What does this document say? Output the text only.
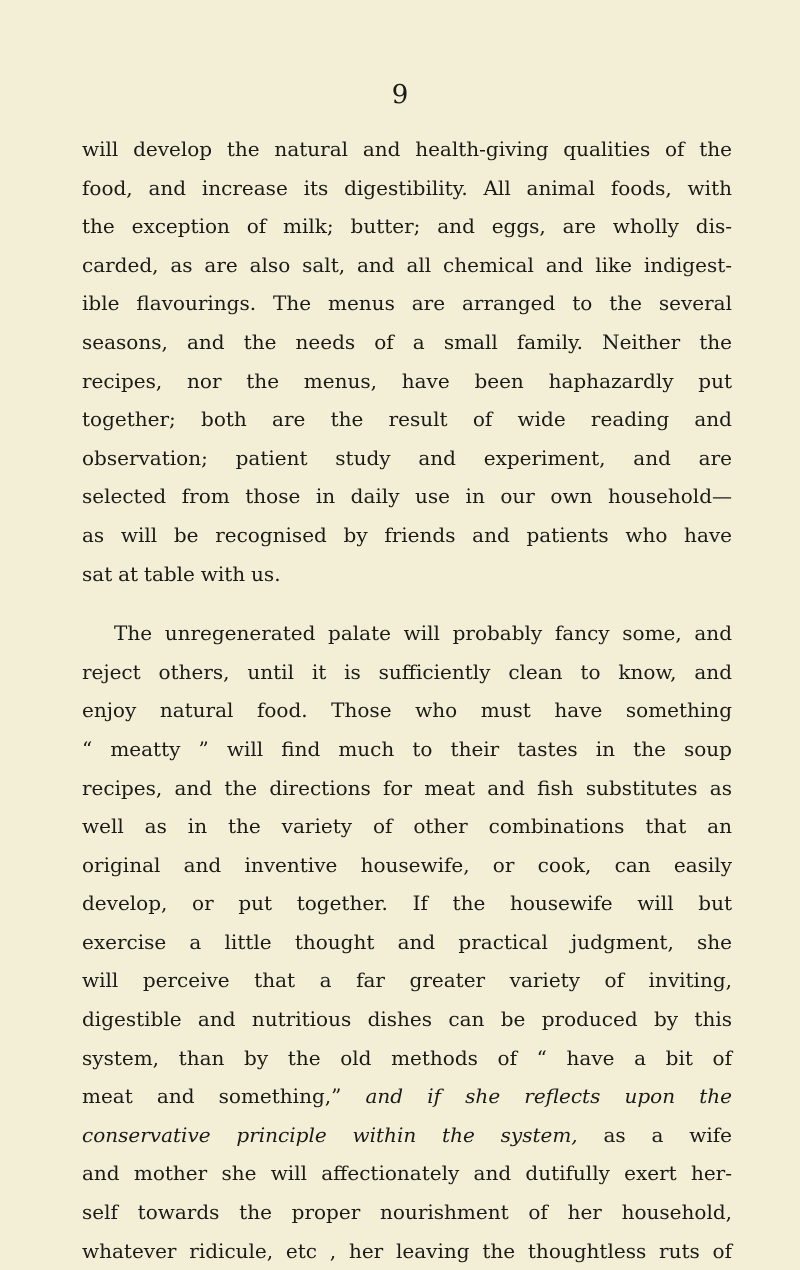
9
will develop the natural and health-giving qualities of the
food, and increase its digestibility. All animal foods, with
the exception of milk; butter; and eggs, are wholly dis-
carded, as are also salt, and all chemical and like indigest-
ible flavourings. The menus are arranged to the several
seasons, and the needs of a small family. Neither the
recipes, nor the menus, have been haphazardly put
together; both are the result of wide reading and
observation; patient study and experiment, and are
selected from those in daily use in our own household—
as will be recognised by friends and patients who have
sat at table with us.
The unregenerated palate will probably fancy some, and
reject others, until it is sufficiently clean to know, and
enjoy natural food. Those who must have something
“ meatty ” will find much to their tastes in the soup
recipes, and the directions for meat and fish substitutes as
well as in the variety of other combinations that an
original and inventive housewife, or cook, can easily
develop, or put together. If the housewife will but
exercise a little thought and practical judgment, she
will perceive that a far greater variety of inviting,
digestible and nutritious dishes can be produced by this
system, than by the old methods of “ have a bit of
meat and something,” and if she reflects upon the
conservative principle within the system, as a wife
and mother she will affectionately and dutifully exert her-
self towards the proper nourishment of her household,
whatever ridicule, etc , her leaving the thoughtless ruts of
